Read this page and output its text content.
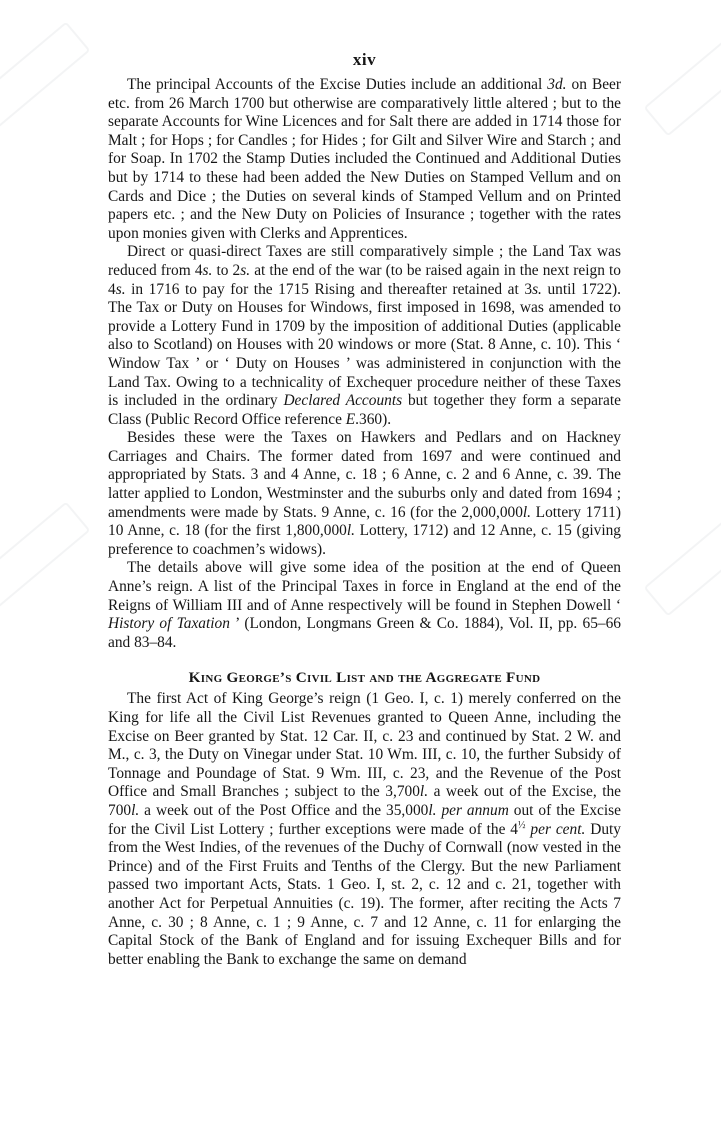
xiv

The principal Accounts of the Excise Duties include an additional 3d. on Beer etc. from 26 March 1700 but otherwise are comparatively little altered ; but to the separate Accounts for Wine Licences and for Salt there are added in 1714 those for Malt ; for Hops ; for Candles ; for Hides ; for Gilt and Silver Wire and Starch ; and for Soap. In 1702 the Stamp Duties included the Continued and Additional Duties but by 1714 to these had been added the New Duties on Stamped Vellum and on Cards and Dice ; the Duties on several kinds of Stamped Vellum and on Printed papers etc. ; and the New Duty on Policies of Insurance ; together with the rates upon monies given with Clerks and Apprentices.

Direct or quasi-direct Taxes are still comparatively simple ; the Land Tax was reduced from 4s. to 2s. at the end of the war (to be raised again in the next reign to 4s. in 1716 to pay for the 1715 Rising and thereafter retained at 3s. until 1722). The Tax or Duty on Houses for Windows, first imposed in 1698, was amended to provide a Lottery Fund in 1709 by the imposition of additional Duties (applicable also to Scotland) on Houses with 20 windows or more (Stat. 8 Anne, c. 10). This ‘ Window Tax ’ or ‘ Duty on Houses ’ was administered in conjunction with the Land Tax. Owing to a technicality of Exchequer procedure neither of these Taxes is included in the ordinary Declared Accounts but together they form a separate Class (Public Record Office reference E.360).

Besides these were the Taxes on Hawkers and Pedlars and on Hackney Carriages and Chairs. The former dated from 1697 and were continued and appropriated by Stats. 3 and 4 Anne, c. 18 ; 6 Anne, c. 2 and 6 Anne, c. 39. The latter applied to London, Westminster and the suburbs only and dated from 1694 ; amendments were made by Stats. 9 Anne, c. 16 (for the 2,000,000l. Lottery 1711) 10 Anne, c. 18 (for the first 1,800,000l. Lottery, 1712) and 12 Anne, c. 15 (giving preference to coachmen’s widows).

The details above will give some idea of the position at the end of Queen Anne’s reign. A list of the Principal Taxes in force in England at the end of the Reigns of William III and of Anne respectively will be found in Stephen Dowell ‘ History of Taxation ’ (London, Longmans Green & Co. 1884), Vol. II, pp. 65–66 and 83–84.

King George’s Civil List and the Aggregate Fund

The first Act of King George’s reign (1 Geo. I, c. 1) merely conferred on the King for life all the Civil List Revenues granted to Queen Anne, including the Excise on Beer granted by Stat. 12 Car. II, c. 23 and continued by Stat. 2 W. and M., c. 3, the Duty on Vinegar under Stat. 10 Wm. III, c. 10, the further Subsidy of Tonnage and Poundage of Stat. 9 Wm. III, c. 23, and the Revenue of the Post Office and Small Branches ; subject to the 3,700l. a week out of the Excise, the 700l. a week out of the Post Office and the 35,000l. per annum out of the Excise for the Civil List Lottery ; further exceptions were made of the $4^{\frac{1}{2}}$ per cent. Duty from the West Indies, of the revenues of the Duchy of Cornwall (now vested in the Prince) and of the First Fruits and Tenths of the Clergy. But the new Parliament passed two important Acts, Stats. 1 Geo. I, st. 2, c. 12 and c. 21, together with another Act for Perpetual Annuities (c. 19). The former, after reciting the Acts 7 Anne, c. 30 ; 8 Anne, c. 1 ; 9 Anne, c. 7 and 12 Anne, c. 11 for enlarging the Capital Stock of the Bank of England and for issuing Exchequer Bills and for better enabling the Bank to exchange the same on demand
